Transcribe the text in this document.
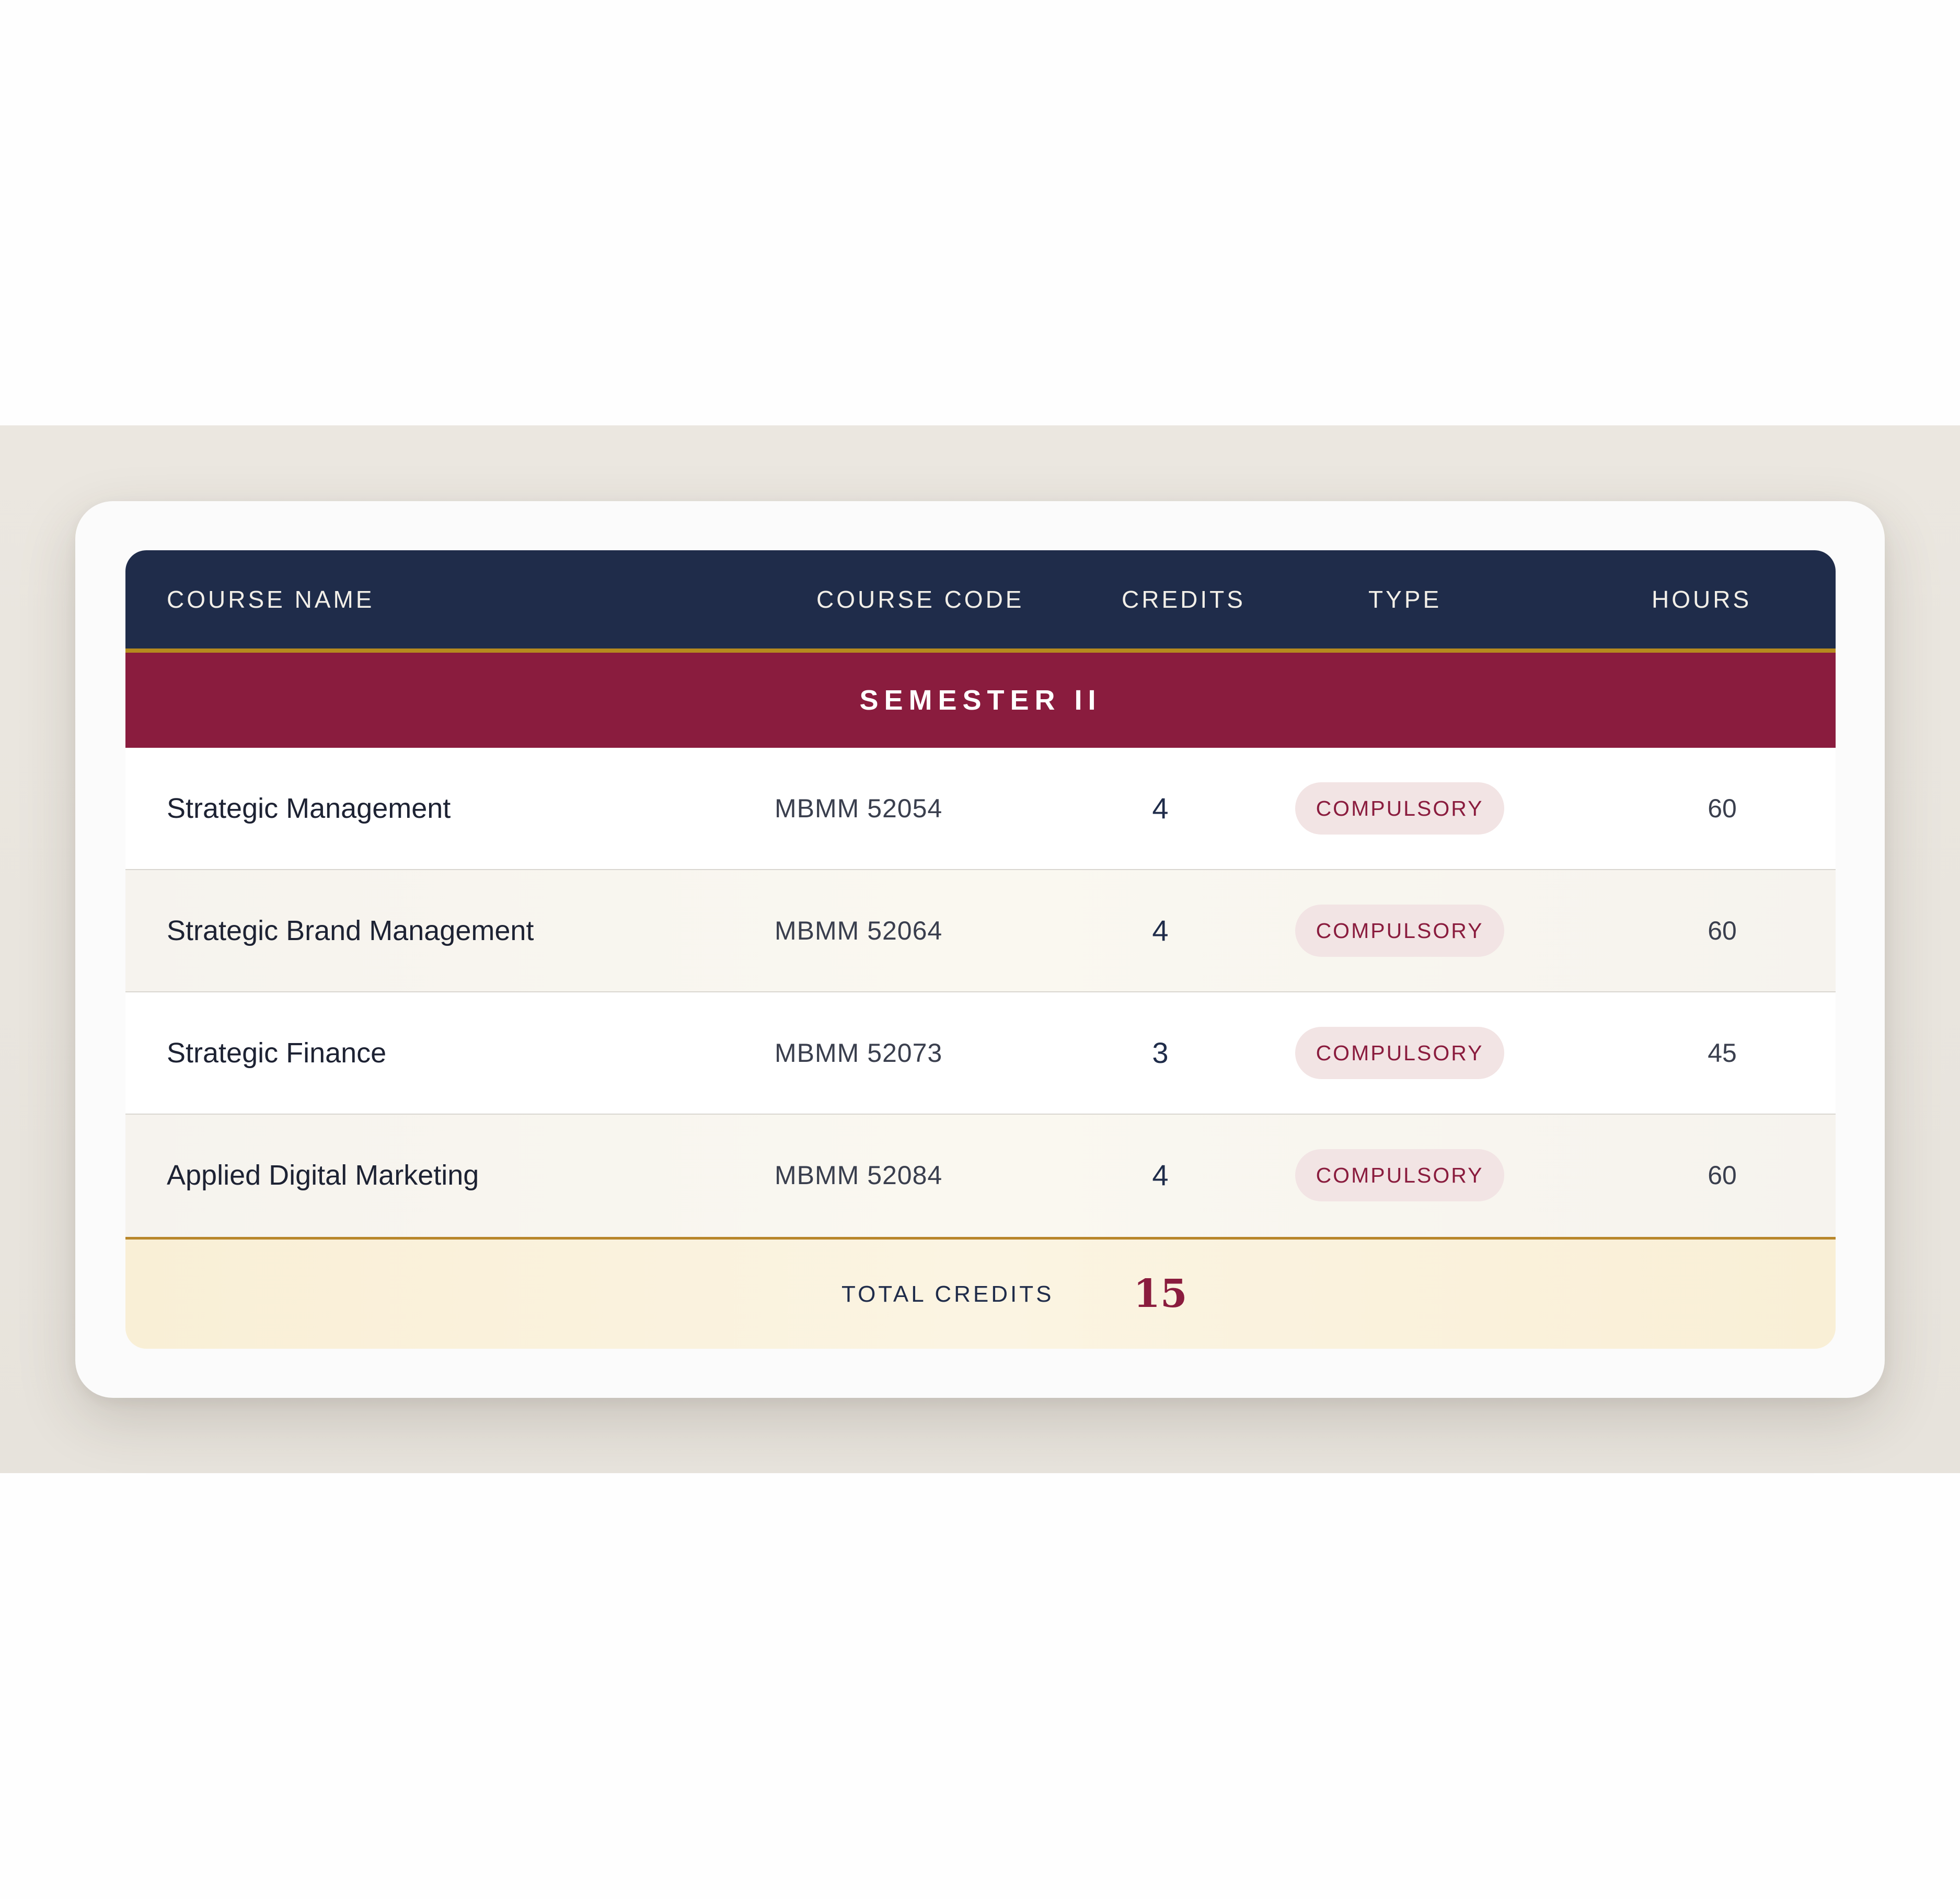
COURSE NAME	COURSE CODE	CREDITS	TYPE	HOURS
SEMESTER II
Strategic Management	MBMM 52054	4	COMPULSORY	60
Strategic Brand Management	MBMM 52064	4	COMPULSORY	60
Strategic Finance	MBMM 52073	3	COMPULSORY	45
Applied Digital Marketing	MBMM 52084	4	COMPULSORY	60
TOTAL CREDITS	15
